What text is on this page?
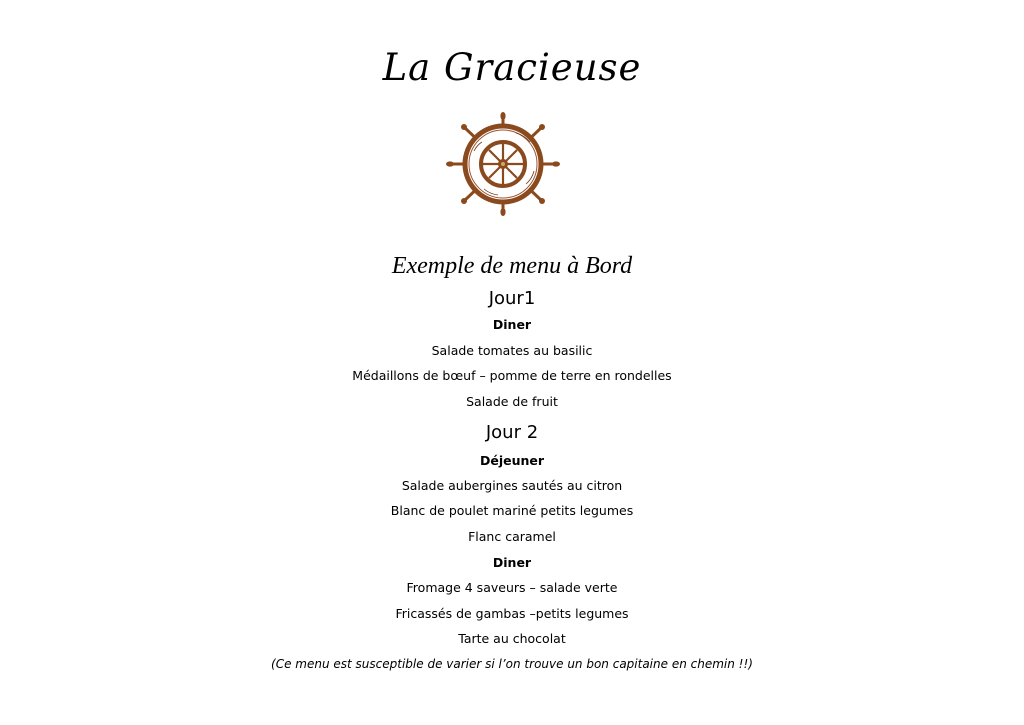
La Gracieuse
Exemple de menu à Bord
Jour1
Diner
Salade tomates au basilic
Médaillons de bœuf – pomme de terre en rondelles
Salade de fruit
Jour 2
Déjeuner
Salade aubergines sautés au citron
Blanc de poulet mariné petits legumes
Flanc caramel
Diner
Fromage 4 saveurs – salade verte
Fricassés de gambas –petits legumes
Tarte au chocolat
(Ce menu est susceptible de varier si l’on trouve un bon capitaine en chemin !!)
